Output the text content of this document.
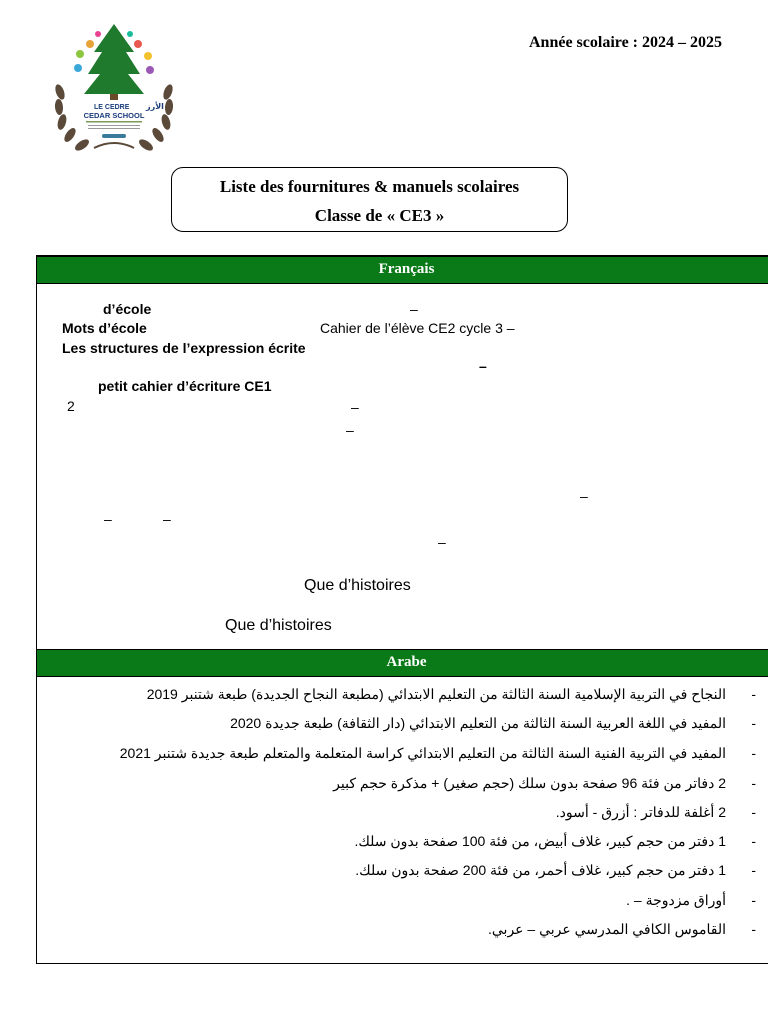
LE CEDRE الأرز
CEDAR SCHOOL
Année scolaire : 2024 – 2025
Liste des fournitures & manuels scolaires
Classe de « CE3 »
Français
d’école	–
Mots d’école	Cahier de l’élève CE2 cycle 3 –
Les structures de l’expression écrite
–
petit cahier d’écriture CE1
2	–
–
–
–	–
–
Que d’histoires
Que d’histoires
Arabe
النجاح في التربية الإسلامية السنة الثالثة من التعليم الابتدائي (مطبعة النجاح الجديدة) طبعة شتنبر 2019 -
المفيد في اللغة العربية السنة الثالثة من التعليم الابتدائي (دار الثقافة) طبعة جديدة 2020 -
المفيد في التربية الفنية السنة الثالثة من التعليم الابتدائي كراسة المتعلمة والمتعلم طبعة جديدة شتنبر 2021 -
2 دفاتر من فئة 96 صفحة بدون سلك (حجم صغير) + مذكرة حجم كبير -
2 أغلفة للدفاتر : أزرق - أسود. -
1 دفتر من حجم كبير، غلاف أبيض، من فئة 100 صفحة بدون سلك. -
1 دفتر من حجم كبير، غلاف أحمر، من فئة 200 صفحة بدون سلك. -
أوراق مزدوجة – . -
القاموس الكافي المدرسي عربي – عربي. -
